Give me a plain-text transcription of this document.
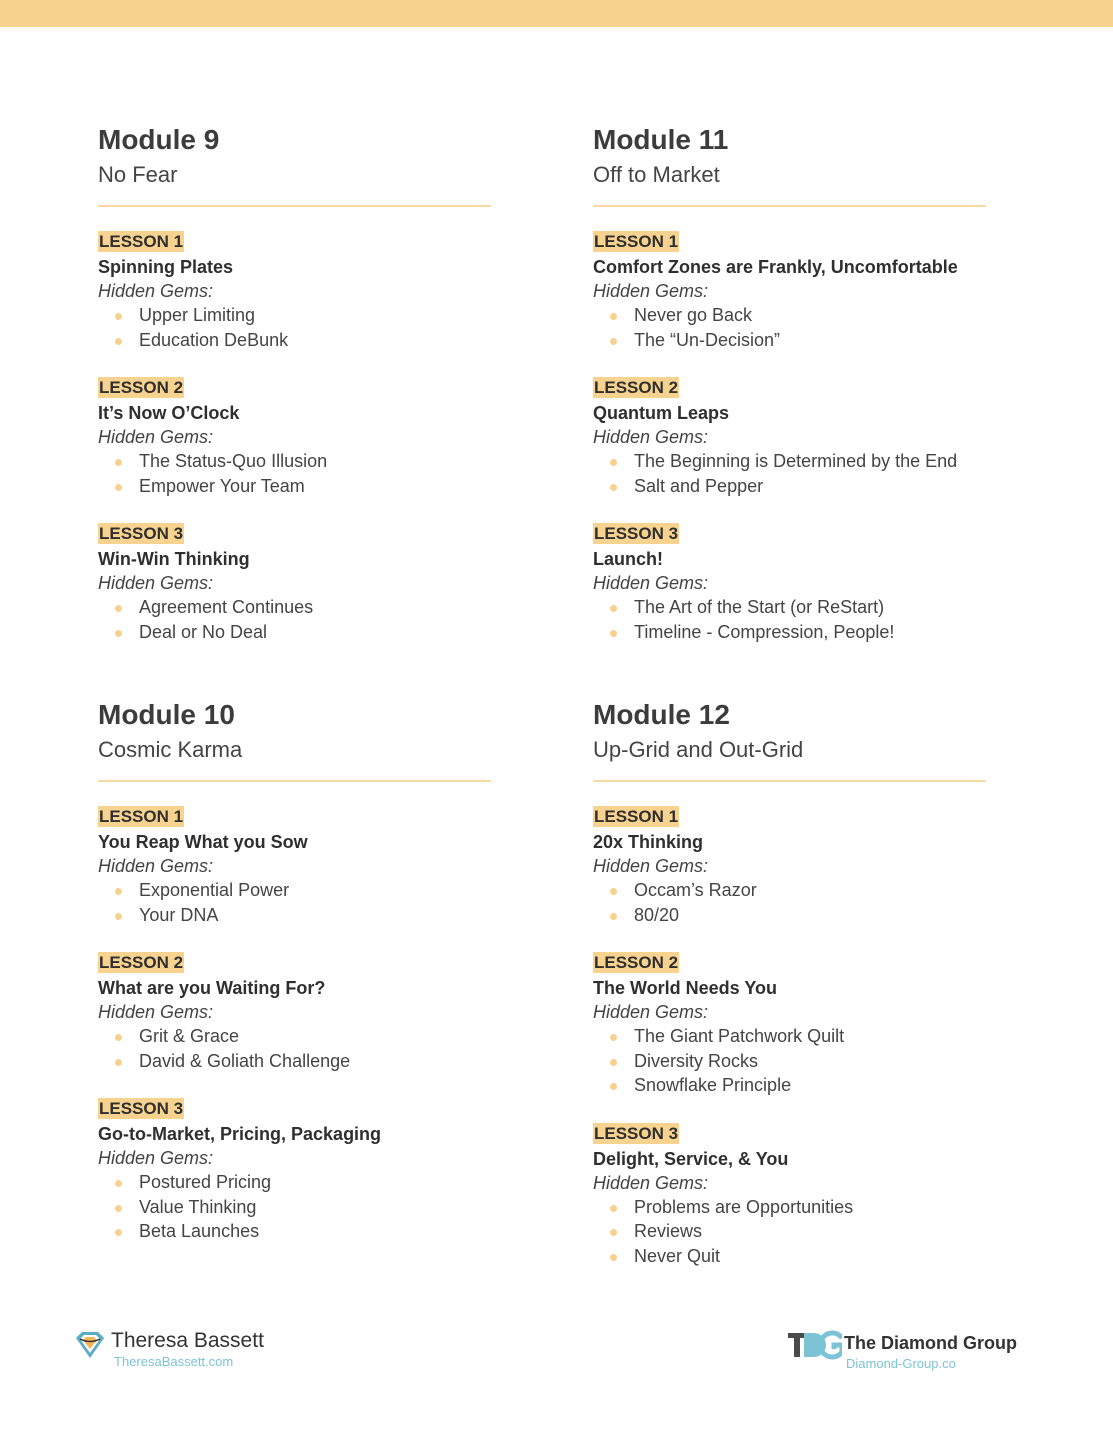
Module 9
No Fear
LESSON 1
Spinning Plates
Hidden Gems:
Upper Limiting
Education DeBunk
LESSON 2
It’s Now O’Clock
Hidden Gems:
The Status-Quo Illusion
Empower Your Team
LESSON 3
Win-Win Thinking
Hidden Gems:
Agreement Continues
Deal or No Deal
Module 11
Off to Market
LESSON 1
Comfort Zones are Frankly, Uncomfortable
Hidden Gems:
Never go Back
The “Un-Decision”
LESSON 2
Quantum Leaps
Hidden Gems:
The Beginning is Determined by the End
Salt and Pepper
LESSON 3
Launch!
Hidden Gems:
The Art of the Start (or ReStart)
Timeline - Compression, People!
Module 10
Cosmic Karma
LESSON 1
You Reap What you Sow
Hidden Gems:
Exponential Power
Your DNA
LESSON 2
What are you Waiting For?
Hidden Gems:
Grit & Grace
David & Goliath Challenge
LESSON 3
Go-to-Market, Pricing, Packaging
Hidden Gems:
Postured Pricing
Value Thinking
Beta Launches
Module 12
Up-Grid and Out-Grid
LESSON 1
20x Thinking
Hidden Gems:
Occam’s Razor
80/20
LESSON 2
The World Needs You
Hidden Gems:
The Giant Patchwork Quilt
Diversity Rocks
Snowflake Principle
LESSON 3
Delight, Service, & You
Hidden Gems:
Problems are Opportunities
Reviews
Never Quit
Theresa Bassett
TheresaBassett.com
The Diamond Group
Diamond-Group.co
